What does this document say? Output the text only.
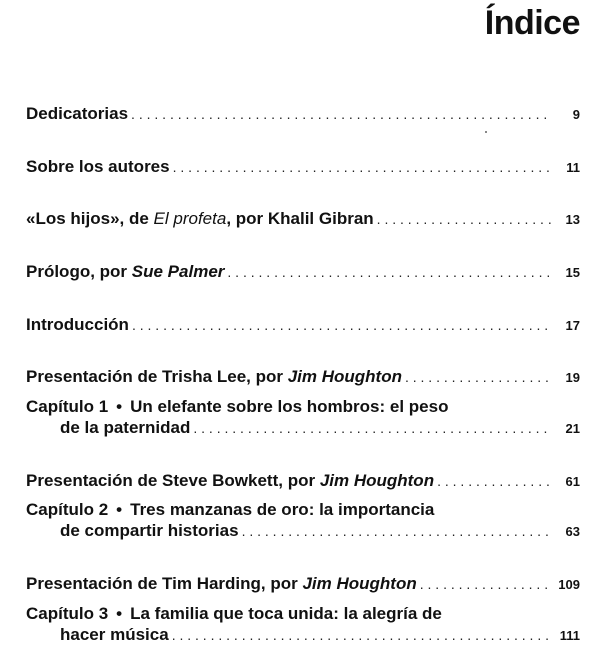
Índice
Dedicatorias . . .	9
Sobre los autores . . .	11
«Los hijos», de El profeta, por Khalil Gibran . . .	13
Prólogo, por Sue Palmer . . .	15
Introducción . . .	17
Presentación de Trisha Lee, por Jim Houghton . . .	19
Capítulo 1 • Un elefante sobre los hombros: el peso
de la paternidad . . .	21
Presentación de Steve Bowkett, por Jim Houghton . . .	61
Capítulo 2 • Tres manzanas de oro: la importancia
de compartir historias . . .	63
Presentación de Tim Harding, por Jim Houghton . . .	109
Capítulo 3 • La familia que toca unida: la alegría de
hacer música . . .	111
